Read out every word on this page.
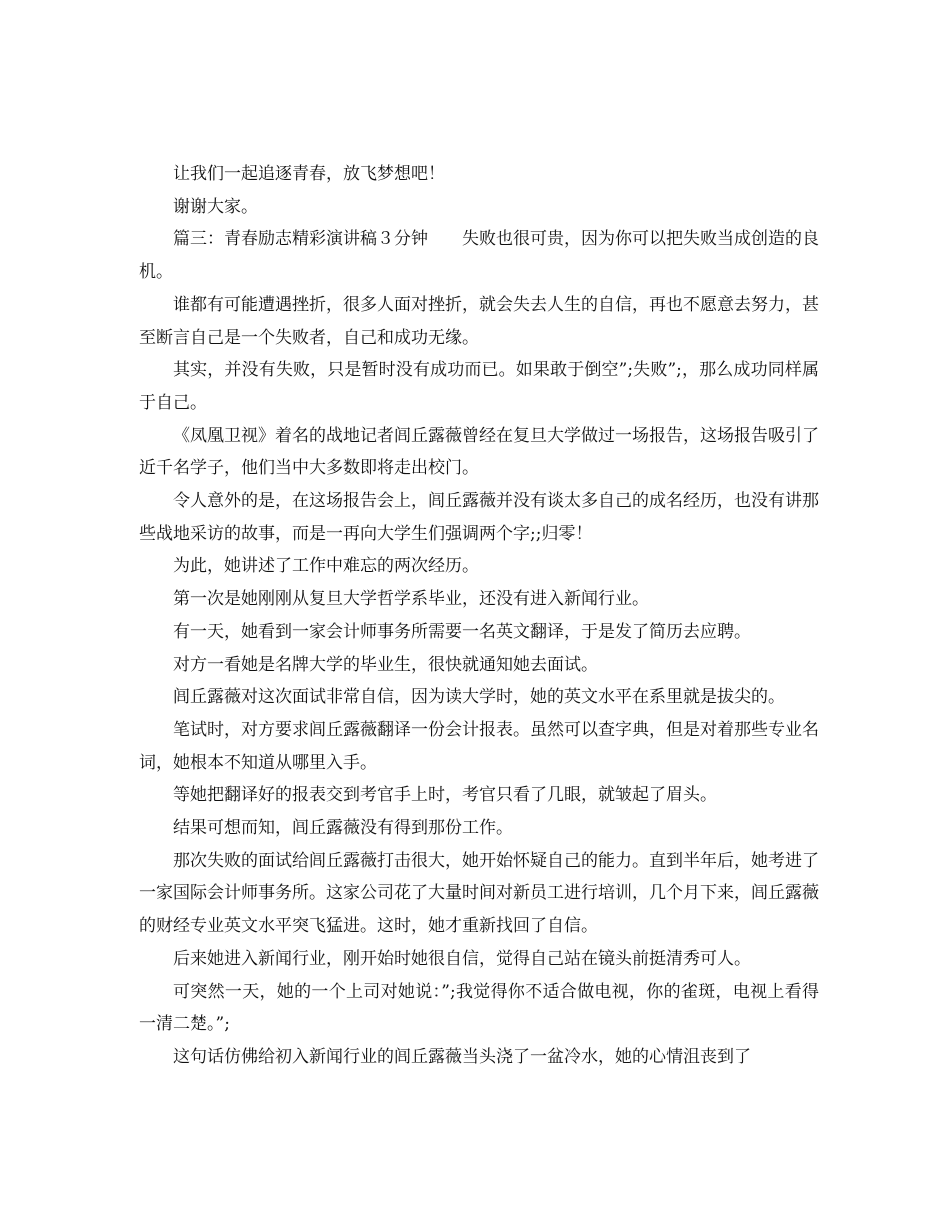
让我们一起追逐青春，放飞梦想吧！

谢谢大家。

篇三：青春励志精彩演讲稿３分钟　　失败也很可贵，因为你可以把失败当成创造的良机。

谁都有可能遭遇挫折，很多人面对挫折，就会失去人生的自信，再也不愿意去努力，甚至断言自己是一个失败者，自己和成功无缘。

其实，并没有失败，只是暂时没有成功而已。如果敢于倒空”;失败”;，那么成功同样属于自己。

《凤凰卫视》着名的战地记者闾丘露薇曾经在复旦大学做过一场报告，这场报告吸引了近千名学子，他们当中大多数即将走出校门。

令人意外的是，在这场报告会上，闾丘露薇并没有谈太多自己的成名经历，也没有讲那些战地采访的故事，而是一再向大学生们强调两个字;;归零！

为此，她讲述了工作中难忘的两次经历。

第一次是她刚刚从复旦大学哲学系毕业，还没有进入新闻行业。

有一天，她看到一家会计师事务所需要一名英文翻译，于是发了简历去应聘。

对方一看她是名牌大学的毕业生，很快就通知她去面试。

闾丘露薇对这次面试非常自信，因为读大学时，她的英文水平在系里就是拔尖的。

笔试时，对方要求闾丘露薇翻译一份会计报表。虽然可以查字典，但是对着那些专业名词，她根本不知道从哪里入手。

等她把翻译好的报表交到考官手上时，考官只看了几眼，就皱起了眉头。

结果可想而知，闾丘露薇没有得到那份工作。

那次失败的面试给闾丘露薇打击很大，她开始怀疑自己的能力。直到半年后，她考进了一家国际会计师事务所。这家公司花了大量时间对新员工进行培训，几个月下来，闾丘露薇的财经专业英文水平突飞猛进。这时，她才重新找回了自信。

后来她进入新闻行业，刚开始时她很自信，觉得自己站在镜头前挺清秀可人。

可突然一天，她的一个上司对她说：”;我觉得你不适合做电视，你的雀斑，电视上看得一清二楚。”;

这句话仿佛给初入新闻行业的闾丘露薇当头浇了一盆冷水，她的心情沮丧到了
